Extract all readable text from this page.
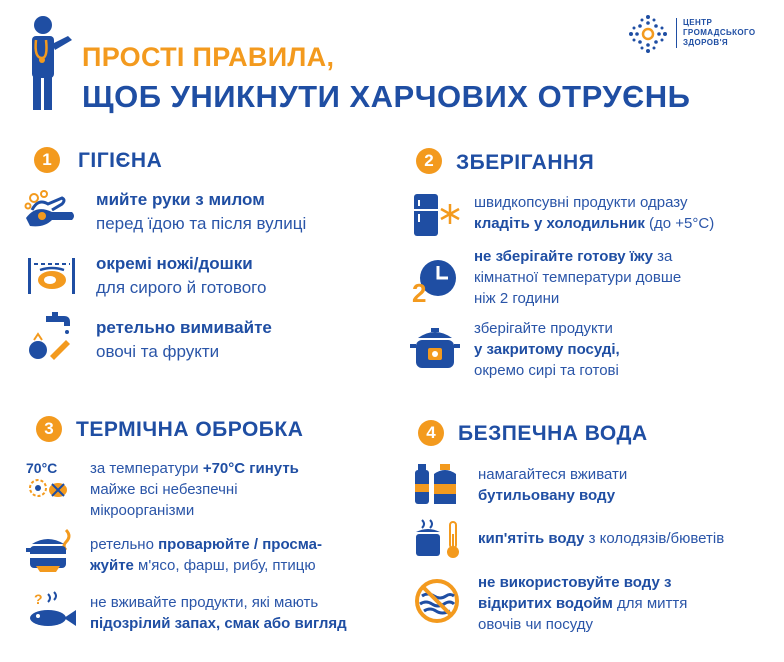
ПРОСТІ ПРАВИЛА,
ЩОБ УНИКНУТИ ХАРЧОВИХ ОТРУЄНЬ
ЦЕНТР
ГРОМАДСЬКОГО
ЗДОРОВ'Я
1	ГІГІЄНА
мийте руки з милом
перед їдою та після вулиці
окремі ножі/дошки
для сирого й готового
ретельно вимивайте
овочі та фрукти
2	ЗБЕРІГАННЯ
швидкопсувні продукти одразу
кладіть у холодильник (до +5°C)
2
не зберігайте готову їжу за
кімнатної температури довше
ніж 2 години
зберігайте продукти
у закритому посуді,
окремо сирі та готові
3	ТЕРМІЧНА ОБРОБКА
70°C	за температури +70°C гинуть
майже всі небезпечні
мікроорганізми
ретельно проварюйте / просма-
жуйте м'ясо, фарш, рибу, птицю
?	не вживайте продукти, які мають
підозрілий запах, смак або вигляд
4	БЕЗПЕЧНА ВОДА
намагайтеся вживати
бутильовану воду
кип'ятіть воду з колодязів/бюветів
не використовуйте воду з
відкритих водойм для миття
овочів чи посуду
